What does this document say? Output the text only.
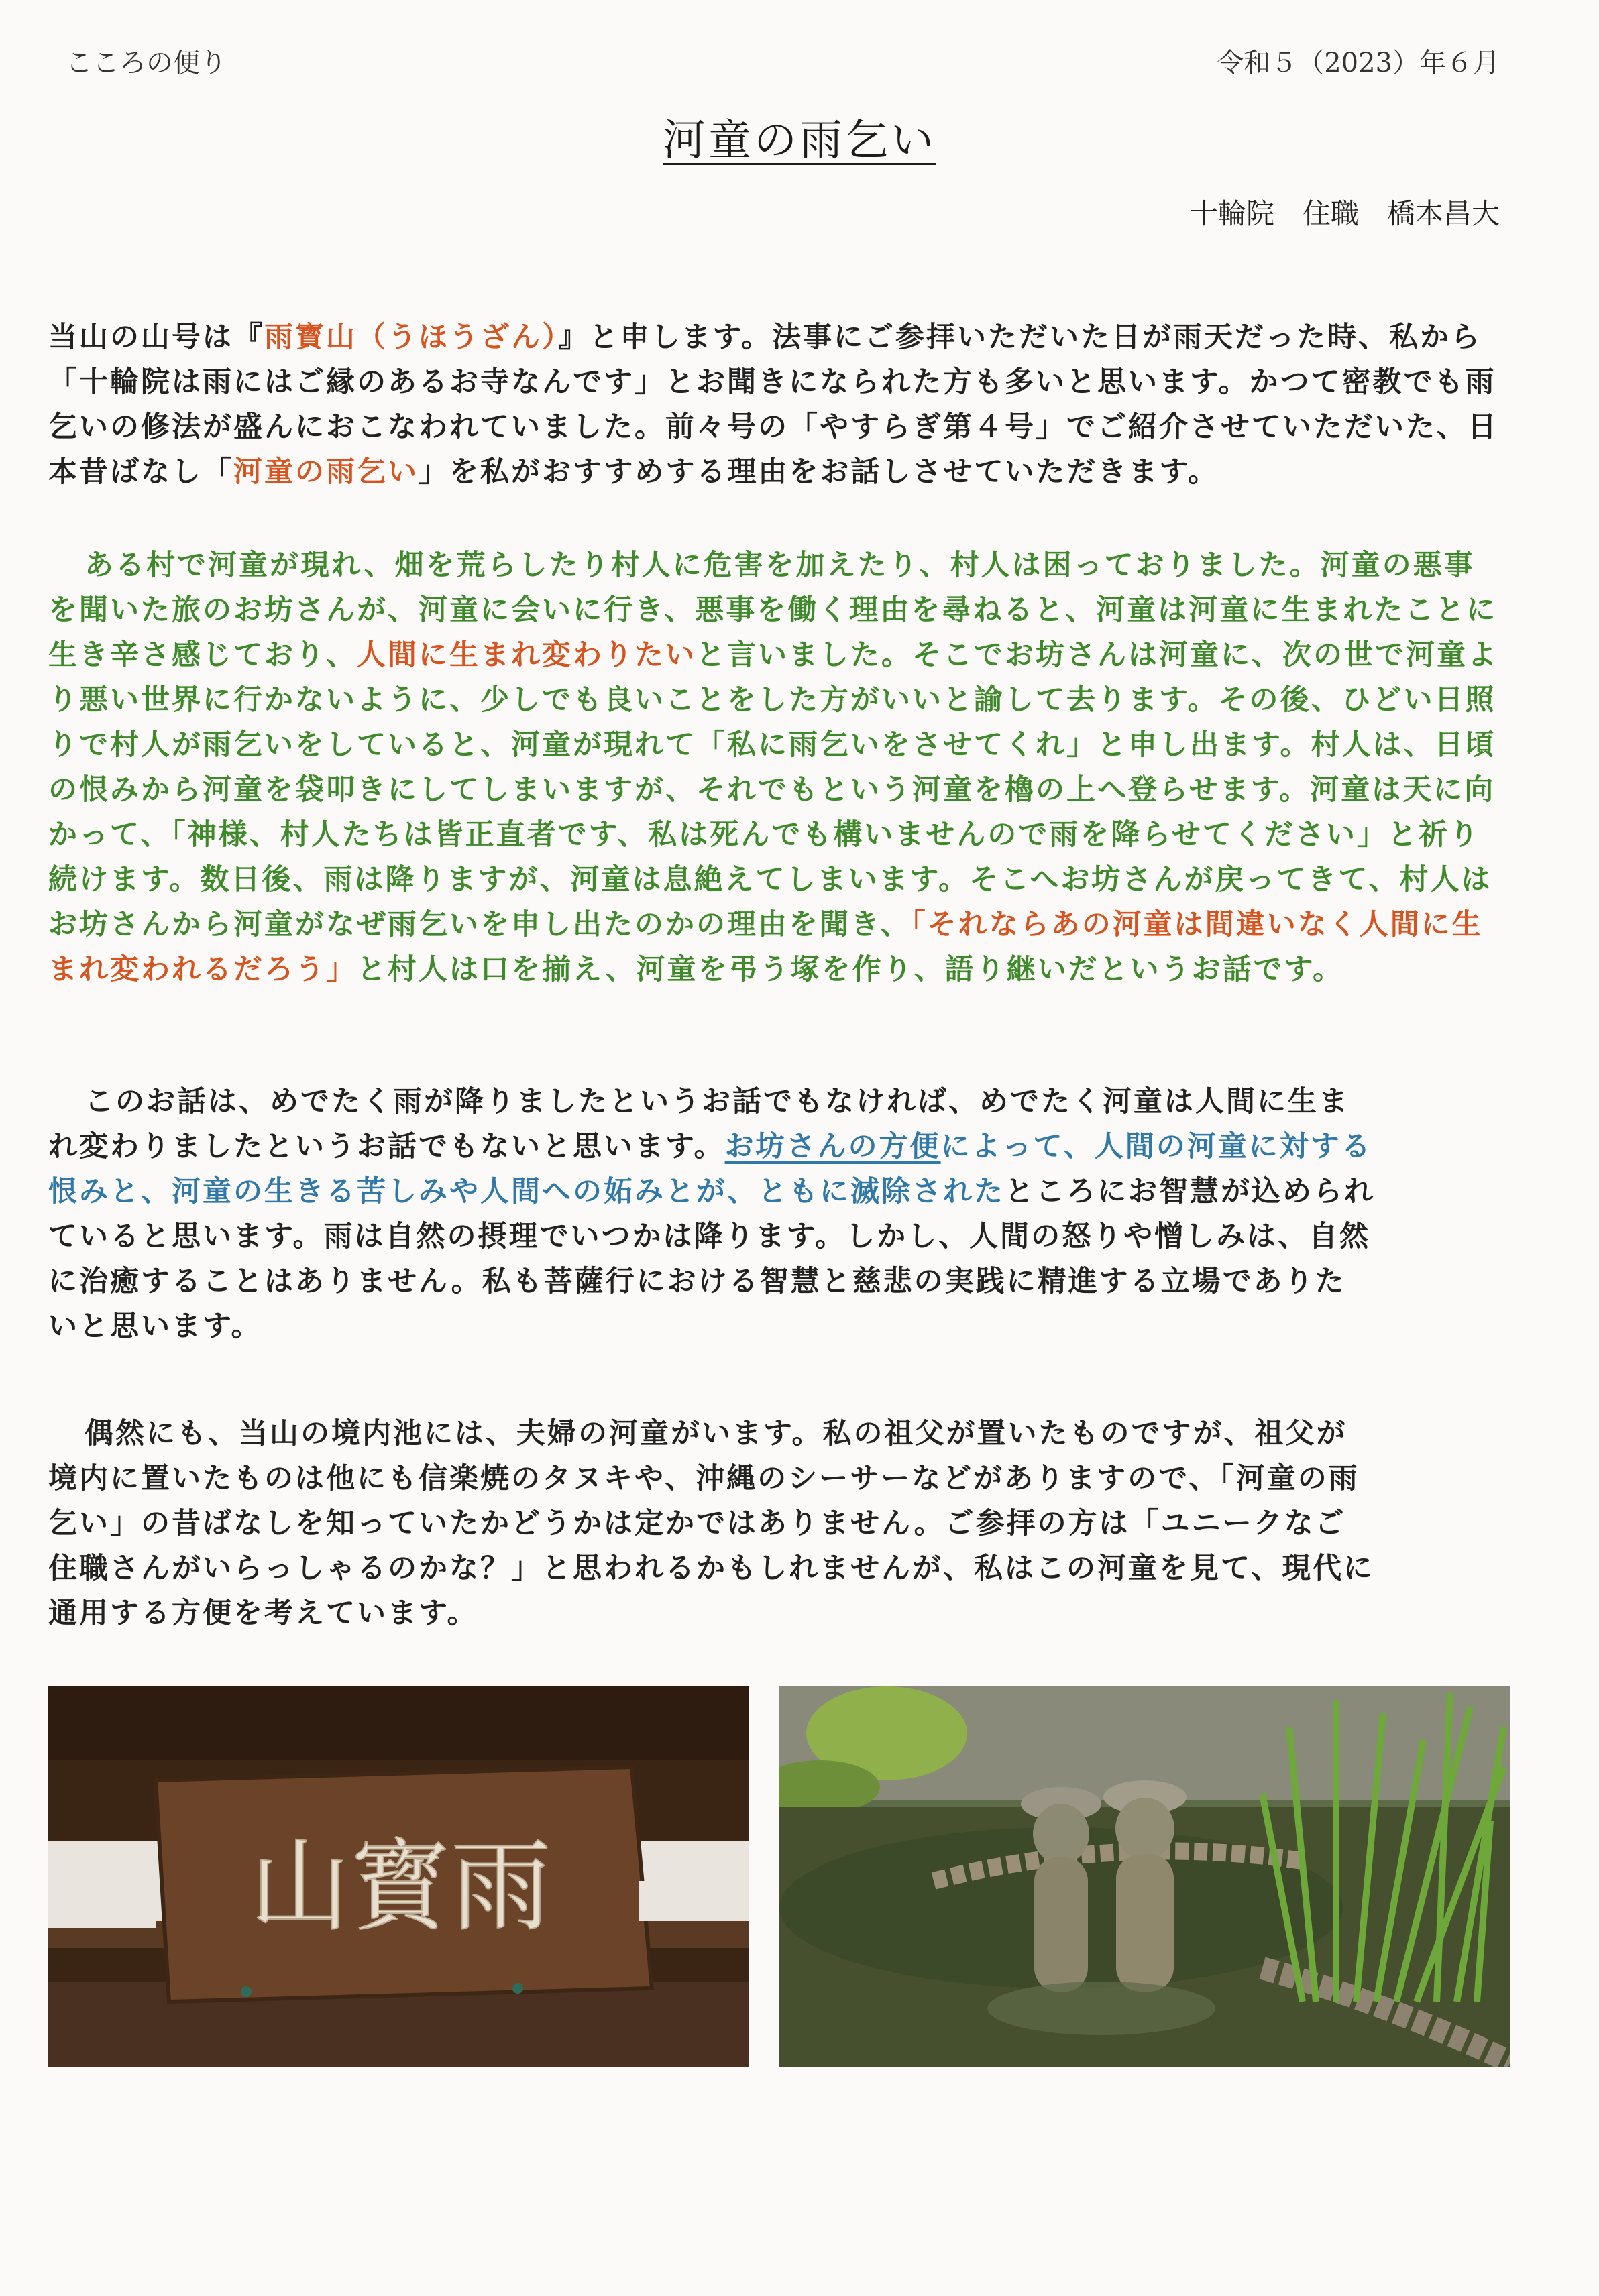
こころの便り	令和５（2023）年６月
河童の雨乞い
十輪院　住職　橋本昌大
当山の山号は『雨寳山（うほうざん）』と申します。法事にご参拝いただいた日が雨天だった時、私から「十輪院は雨にはご縁のあるお寺なんです」とお聞きになられた方も多いと思います。かつて密教でも雨乞いの修法が盛んにおこなわれていました。前々号の「やすらぎ第４号」でご紹介させていただいた、日本昔ばなし「河童の雨乞い」を私がおすすめする理由をお話しさせていただきます。
ある村で河童が現れ、畑を荒らしたり村人に危害を加えたり、村人は困っておりました。河童の悪事を聞いた旅のお坊さんが、河童に会いに行き、悪事を働く理由を尋ねると、河童は河童に生まれたことに生き辛さ感じており、人間に生まれ変わりたいと言いました。そこでお坊さんは河童に、次の世で河童より悪い世界に行かないように、少しでも良いことをした方がいいと諭して去ります。その後、ひどい日照りで村人が雨乞いをしていると、河童が現れて「私に雨乞いをさせてくれ」と申し出ます。村人は、日頃の恨みから河童を袋叩きにしてしまいますが、それでもという河童を櫓の上へ登らせます。河童は天に向かって、「神様、村人たちは皆正直者です、私は死んでも構いませんので雨を降らせてください」と祈り続けます。数日後、雨は降りますが、河童は息絶えてしまいます。そこへお坊さんが戻ってきて、村人はお坊さんから河童がなぜ雨乞いを申し出たのかの理由を聞き、「それならあの河童は間違いなく人間に生まれ変われるだろう」と村人は口を揃え、河童を弔う塚を作り、語り継いだというお話です。
このお話は、めでたく雨が降りましたというお話でもなければ、めでたく河童は人間に生まれ変わりましたというお話でもないと思います。お坊さんの方便によって、人間の河童に対する恨みと、河童の生きる苦しみや人間への妬みとが、ともに滅除されたところにお智慧が込められていると思います。雨は自然の摂理でいつかは降ります。しかし、人間の怒りや憎しみは、自然に治癒することはありません。私も菩薩行における智慧と慈悲の実践に精進する立場でありたいと思います。
偶然にも、当山の境内池には、夫婦の河童がいます。私の祖父が置いたものですが、祖父が境内に置いたものは他にも信楽焼のタヌキや、沖縄のシーサーなどがありますので、「河童の雨乞い」の昔ばなしを知っていたかどうかは定かではありません。ご参拝の方は「ユニークなご住職さんがいらっしゃるのかな？」と思われるかもしれませんが、私はこの河童を見て、現代に通用する方便を考えています。
山寳雨
